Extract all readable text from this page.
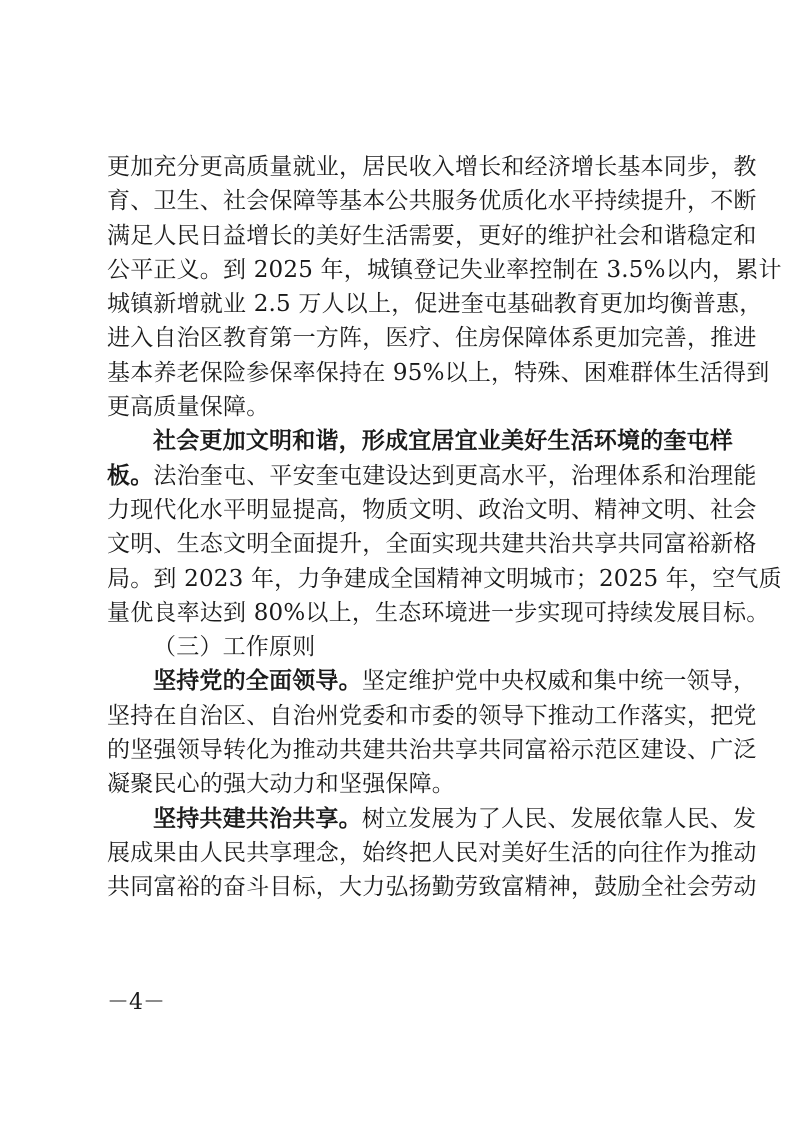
更加充分更高质量就业，居民收入增长和经济增长基本同步，教
育、卫生、社会保障等基本公共服务优质化水平持续提升，不断
满足人民日益增长的美好生活需要，更好的维护社会和谐稳定和
公平正义。到 2025 年，城镇登记失业率控制在 3.5%以内，累计
城镇新增就业 2.5 万人以上，促进奎屯基础教育更加均衡普惠，
进入自治区教育第一方阵，医疗、住房保障体系更加完善，推进
基本养老保险参保率保持在 95%以上，特殊、困难群体生活得到
更高质量保障。
社会更加文明和谐，形成宜居宜业美好生活环境的奎屯样
板。法治奎屯、平安奎屯建设达到更高水平，治理体系和治理能
力现代化水平明显提高，物质文明、政治文明、精神文明、社会
文明、生态文明全面提升，全面实现共建共治共享共同富裕新格
局。到 2023 年，力争建成全国精神文明城市；2025 年，空气质
量优良率达到 80%以上，生态环境进一步实现可持续发展目标。
（三）工作原则
坚持党的全面领导。坚定维护党中央权威和集中统一领导，
坚持在自治区、自治州党委和市委的领导下推动工作落实，把党
的坚强领导转化为推动共建共治共享共同富裕示范区建设、广泛
凝聚民心的强大动力和坚强保障。
坚持共建共治共享。树立发展为了人民、发展依靠人民、发
展成果由人民共享理念，始终把人民对美好生活的向往作为推动
共同富裕的奋斗目标，大力弘扬勤劳致富精神，鼓励全社会劳动
－4－
